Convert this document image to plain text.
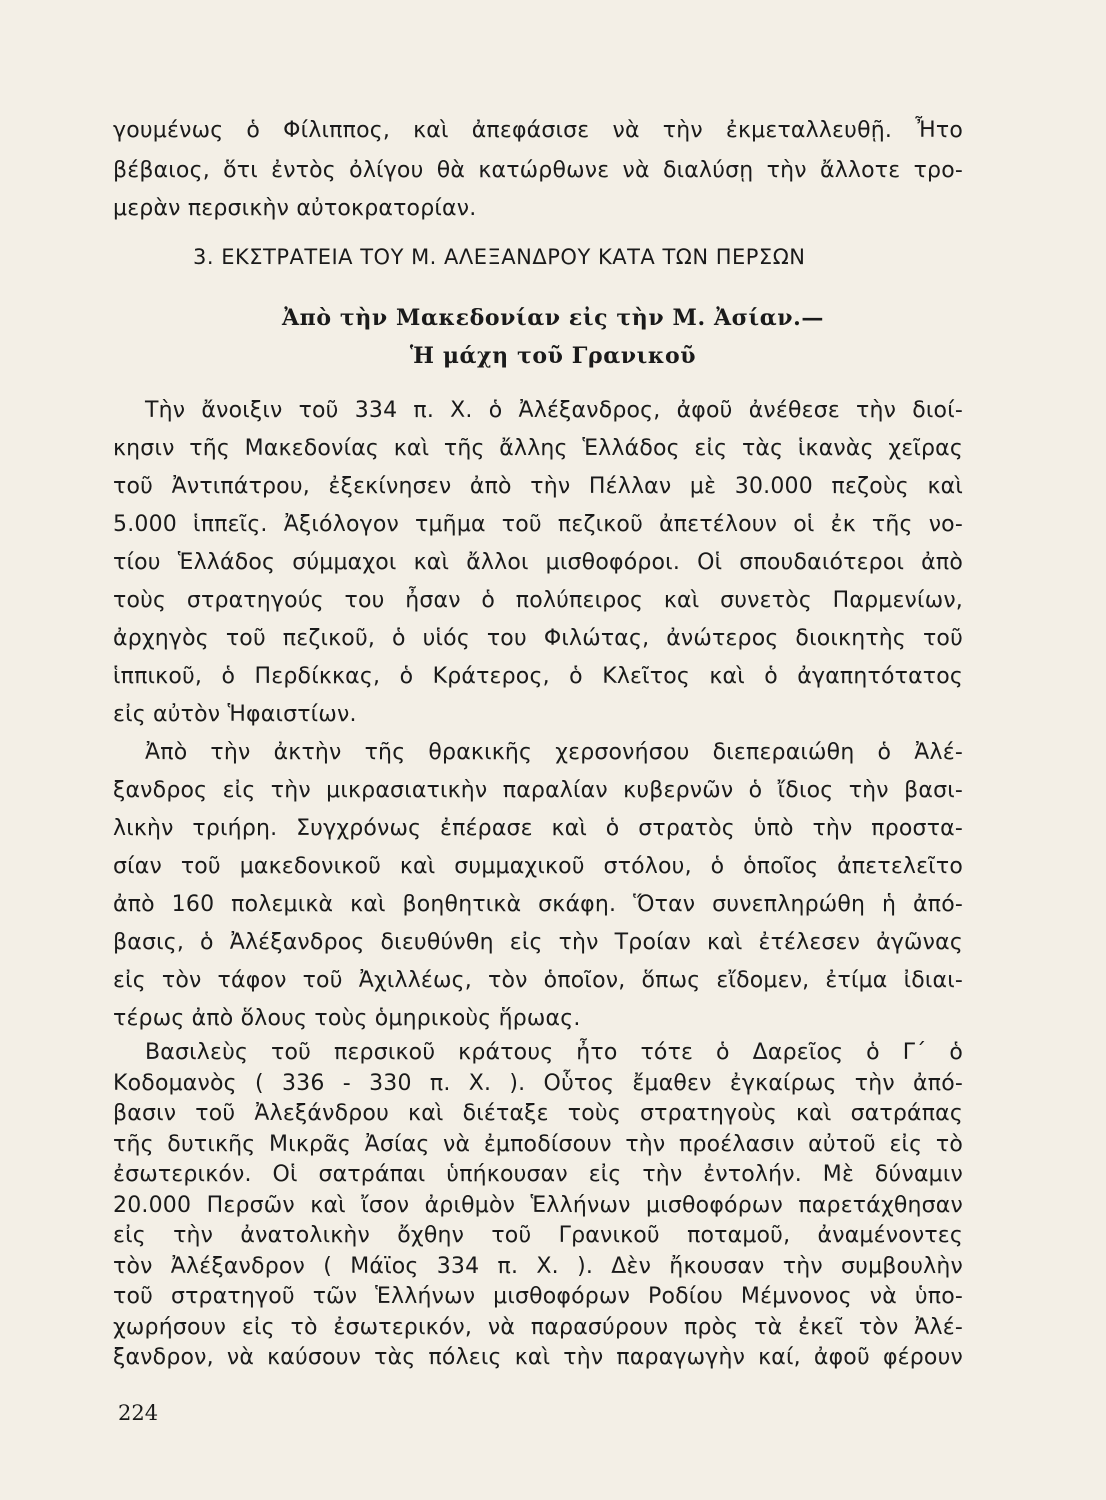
γουμένως ὁ Φίλιππος, καὶ ἀπεφάσισε νὰ τὴν ἐκμεταλλευθῇ. Ἦτο
βέβαιος, ὅτι ἐντὸς ὀλίγου θὰ κατώρθωνε νὰ διαλύσῃ τὴν ἄλλοτε τρο-
μερὰν περσικὴν αὐτοκρατορίαν.
3. ΕΚΣΤΡΑΤΕΙΑ ΤΟΥ Μ. ΑΛΕΞΑΝΔΡΟΥ ΚΑΤΑ ΤΩΝ ΠΕΡΣΩΝ
Ἀπὸ τὴν Μακεδονίαν εἰς τὴν Μ. Ἀσίαν.—
Ἡ μάχη τοῦ Γρανικοῦ
Τὴν ἄνοιξιν τοῦ 334 π. Χ. ὁ Ἀλέξανδρος, ἀφοῦ ἀνέθεσε τὴν διοί-
κησιν τῆς Μακεδονίας καὶ τῆς ἄλλης Ἑλλάδος εἰς τὰς ἱκανὰς χεῖρας
τοῦ Ἀντιπάτρου, ἐξεκίνησεν ἀπὸ τὴν Πέλλαν μὲ 30.000 πεζοὺς καὶ
5.000 ἱππεῖς. Ἀξιόλογον τμῆμα τοῦ πεζικοῦ ἀπετέλουν οἱ ἐκ τῆς νο-
τίου Ἑλλάδος σύμμαχοι καὶ ἄλλοι μισθοφόροι. Οἱ σπουδαιότεροι ἀπὸ
τοὺς στρατηγούς του ἦσαν ὁ πολύπειρος καὶ συνετὸς Παρμενίων,
ἀρχηγὸς τοῦ πεζικοῦ, ὁ υἱός του Φιλώτας, ἀνώτερος διοικητὴς τοῦ
ἱππικοῦ, ὁ Περδίκκας, ὁ Κράτερος, ὁ Κλεῖτος καὶ ὁ ἀγαπητότατος
εἰς αὐτὸν Ἡφαιστίων.
Ἀπὸ τὴν ἀκτὴν τῆς θρακικῆς χερσονήσου διεπεραιώθη ὁ Ἀλέ-
ξανδρος εἰς τὴν μικρασιατικὴν παραλίαν κυβερνῶν ὁ ἴδιος τὴν βασι-
λικὴν τριήρη. Συγχρόνως ἐπέρασε καὶ ὁ στρατὸς ὑπὸ τὴν προστα-
σίαν τοῦ μακεδονικοῦ καὶ συμμαχικοῦ στόλου, ὁ ὁποῖος ἀπετελεῖτο
ἀπὸ 160 πολεμικὰ καὶ βοηθητικὰ σκάφη. Ὅταν συνεπληρώθη ἡ ἀπό-
βασις, ὁ Ἀλέξανδρος διευθύνθη εἰς τὴν Τροίαν καὶ ἐτέλεσεν ἀγῶνας
εἰς τὸν τάφον τοῦ Ἀχιλλέως, τὸν ὁποῖον, ὅπως εἴδομεν, ἐτίμα ἰδιαι-
τέρως ἀπὸ ὅλους τοὺς ὁμηρικοὺς ἥρωας.
Βασιλεὺς τοῦ περσικοῦ κράτους ἦτο τότε ὁ Δαρεῖος ὁ Γ΄ ὁ
Κοδομανὸς ( 336 - 330 π. Χ. ). Οὗτος ἔμαθεν ἐγκαίρως τὴν ἀπό-
βασιν τοῦ Ἀλεξάνδρου καὶ διέταξε τοὺς στρατηγοὺς καὶ σατράπας
τῆς δυτικῆς Μικρᾶς Ἀσίας νὰ ἐμποδίσουν τὴν προέλασιν αὐτοῦ εἰς τὸ
ἐσωτερικόν. Οἱ σατράπαι ὑπήκουσαν εἰς τὴν ἐντολήν. Μὲ δύναμιν
20.000 Περσῶν καὶ ἴσον ἀριθμὸν Ἑλλήνων μισθοφόρων παρετάχθησαν
εἰς τὴν ἀνατολικὴν ὄχθην τοῦ Γρανικοῦ ποταμοῦ, ἀναμένοντες
τὸν Ἀλέξανδρον ( Μάϊος 334 π. Χ. ). Δὲν ἤκουσαν τὴν συμβουλὴν
τοῦ στρατηγοῦ τῶν Ἑλλήνων μισθοφόρων Ροδίου Μέμνονος νὰ ὑπο-
χωρήσουν εἰς τὸ ἐσωτερικόν, νὰ παρασύρουν πρὸς τὰ ἐκεῖ τὸν Ἀλέ-
ξανδρον, νὰ καύσουν τὰς πόλεις καὶ τὴν παραγωγὴν καί, ἀφοῦ φέρουν
224
